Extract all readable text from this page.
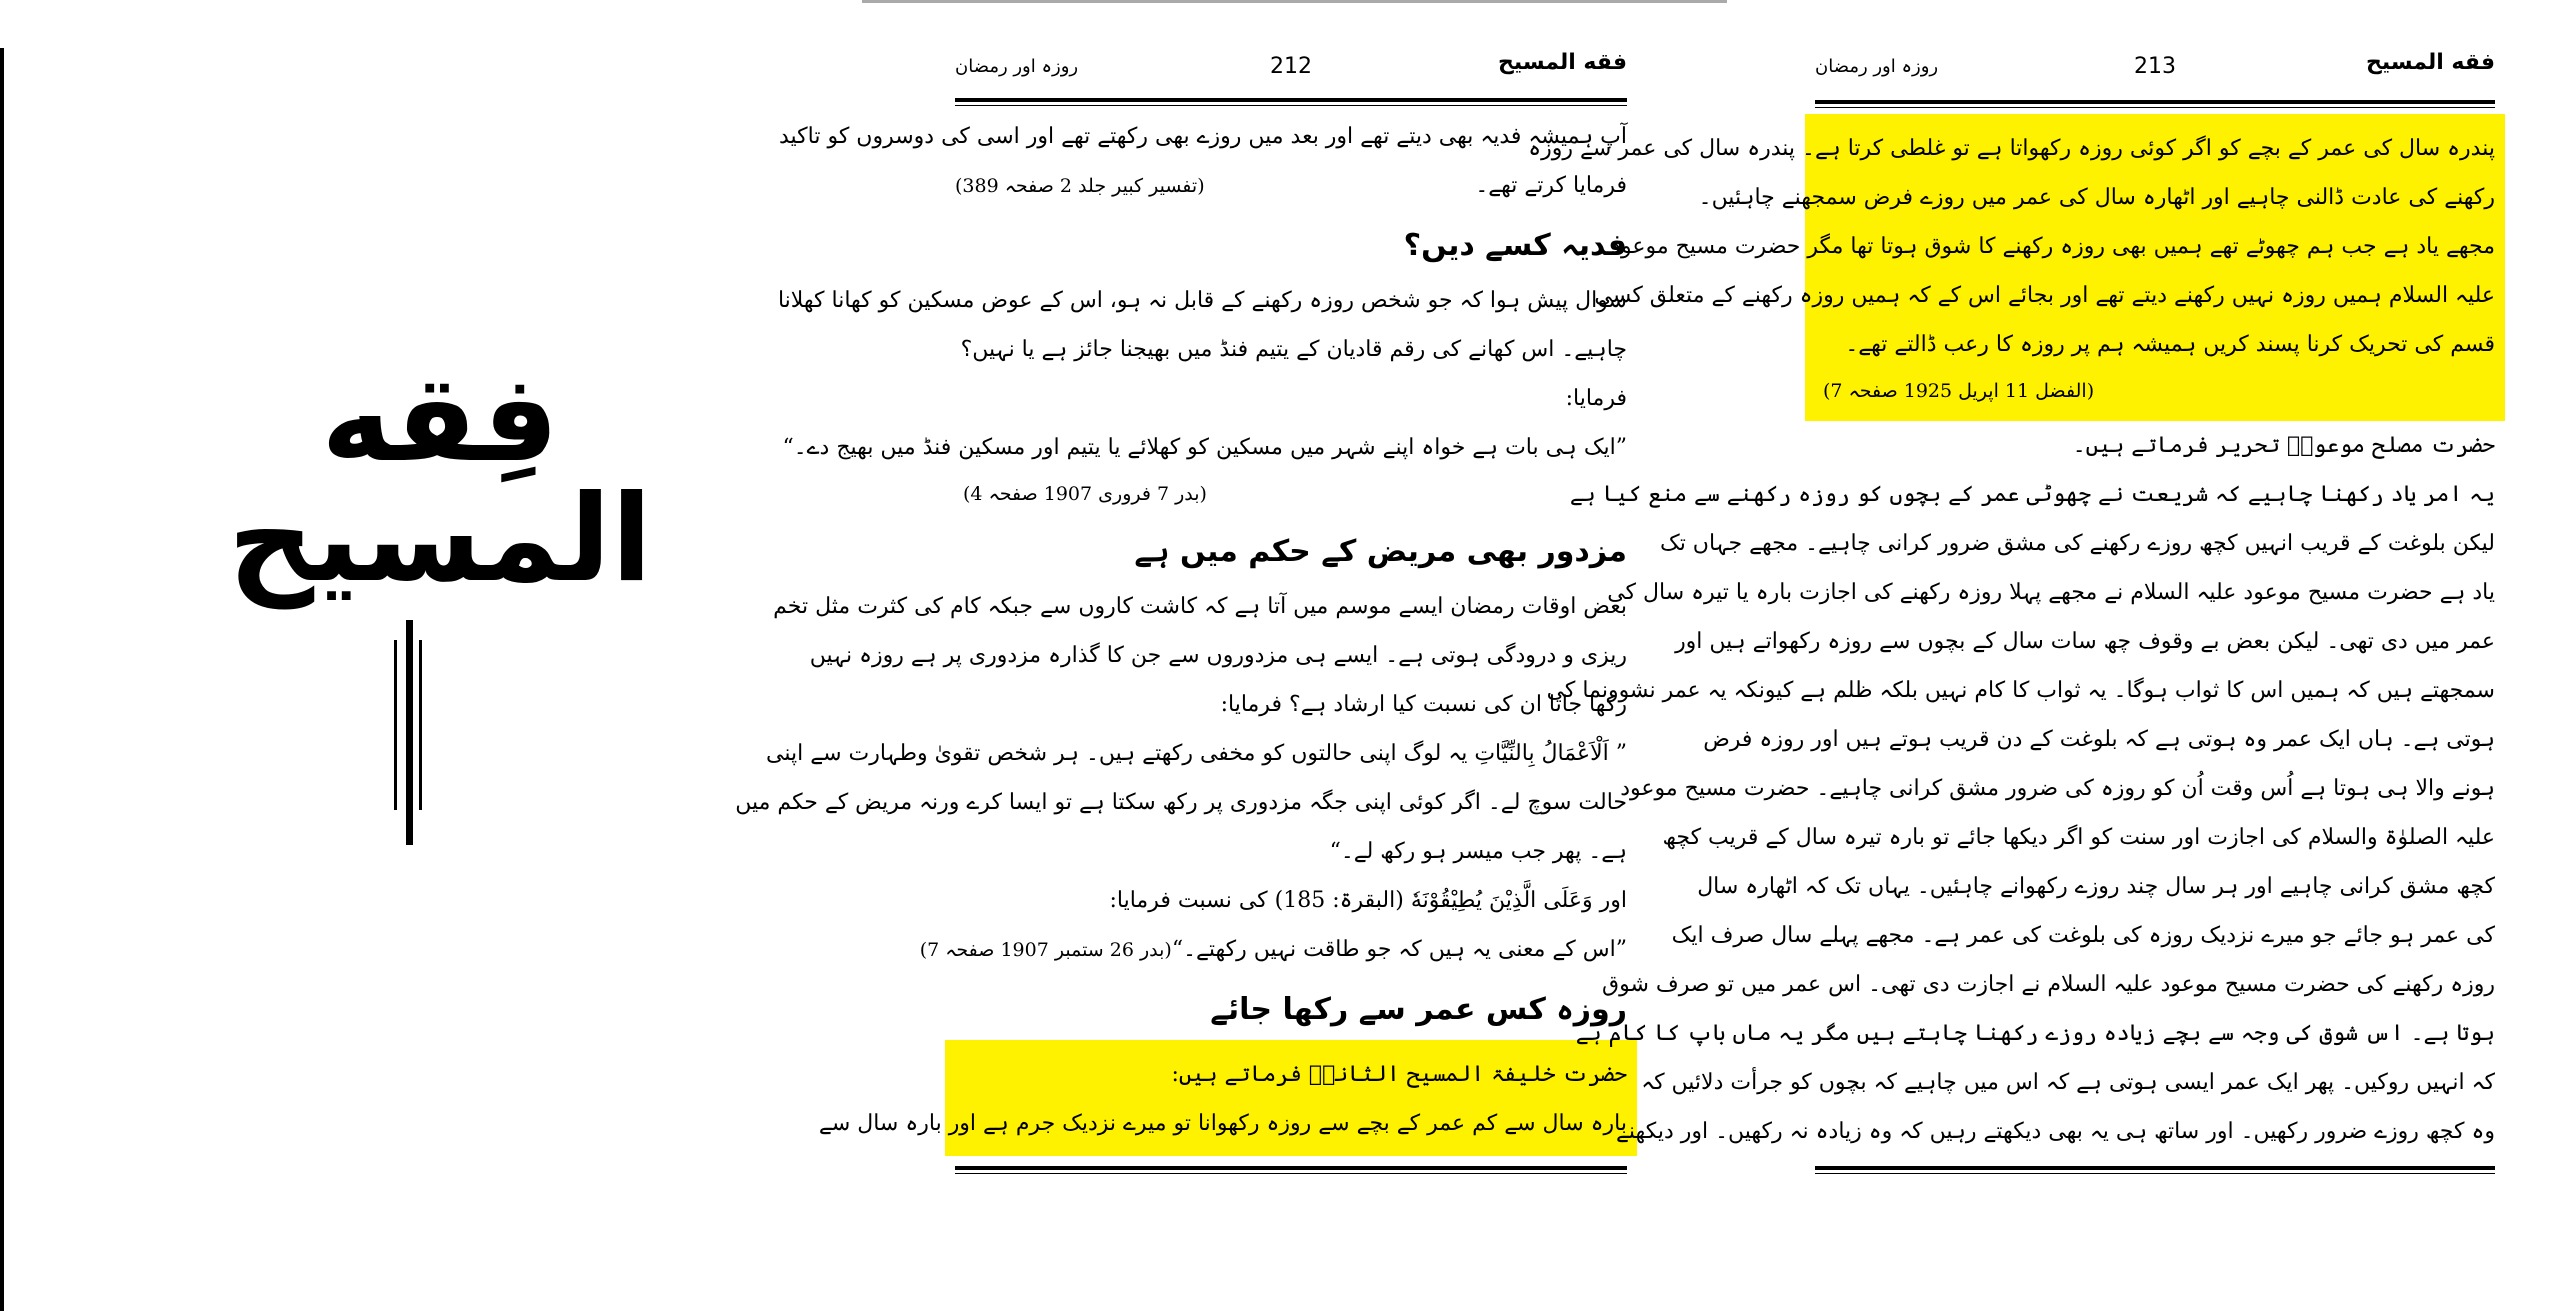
فِقه المسيح
فقه المسيح
212
روزہ اور رمضان

آپ ہمیشہ فدیہ بھی دیتے تھے اور بعد میں روزے بھی رکھتے تھے اور اسی کی دوسروں کو تاکید

فرمایا کرتے تھے۔

(تفسیر کبیر جلد 2 صفحہ 389)
فدیہ کسے دیں؟

سوال پیش ہوا کہ جو شخص روزہ رکھنے کے قابل نہ ہو، اس کے عوض مسکین کو کھانا کھلانا

چاہیے۔ اس کھانے کی رقم قادیان کے یتیم فنڈ میں بھیجنا جائز ہے یا نہیں؟

فرمایا:

”ایک ہی بات ہے خواہ اپنے شہر میں مسکین کو کھلائے یا یتیم اور مسکین فنڈ میں بھیج دے۔“

(بدر 7 فروری 1907 صفحہ 4)
مزدور بھی مریض کے حکم میں ہے

بعض اوقات رمضان ایسے موسم میں آتا ہے کہ کاشت کاروں سے جبکہ کام کی کثرت مثل تخم

ریزی و درودگی ہوتی ہے۔ ایسے ہی مزدوروں سے جن کا گذارہ مزدوری پر ہے روزہ نہیں

رکھا جاتا ان کی نسبت کیا ارشاد ہے؟ فرمایا:

” اَلْاَعْمَالُ بِالنِّیَّاتِ یہ لوگ اپنی حالتوں کو مخفی رکھتے ہیں۔ ہر شخص تقویٰ وطہارت سے اپنی

حالت سوچ لے۔ اگر کوئی اپنی جگہ مزدوری پر رکھ سکتا ہے تو ایسا کرے ورنہ مریض کے حکم میں

ہے۔ پھر جب میسر ہو رکھ لے۔“

اور وَعَلَی الَّذِیْنَ یُطِیْقُوْنَهٗ (البقرۃ: 185) کی نسبت فرمایا:

”اس کے معنی یہ ہیں کہ جو طاقت نہیں رکھتے۔“

(بدر 26 ستمبر 1907 صفحہ 7)
روزہ کس عمر سے رکھا جائے

حضرت خلیفۃ المسیح الثانیؓ فرماتے ہیں:

بارہ سال سے کم عمر کے بچے سے روزہ رکھوانا تو میرے نزدیک جرم ہے اور بارہ سال سے

فقه المسيح
213
روزہ اور رمضان

پندرہ سال کی عمر کے بچے کو اگر کوئی روزہ رکھواتا ہے تو غلطی کرتا ہے۔ پندرہ سال کی عمر سے روزہ

رکھنے کی عادت ڈالنی چاہیے اور اٹھارہ سال کی عمر میں روزے فرض سمجھنے چاہئیں۔

مجھے یاد ہے جب ہم چھوٹے تھے ہمیں بھی روزہ رکھنے کا شوق ہوتا تھا مگر حضرت مسیح موعود

علیہ السلام ہمیں روزہ نہیں رکھنے دیتے تھے اور بجائے اس کے کہ ہمیں روزہ رکھنے کے متعلق کسی

قسم کی تحریک کرنا پسند کریں ہمیشہ ہم پر روزہ کا رعب ڈالتے تھے۔

(الفضل 11 اپریل 1925 صفحہ 7)

حضرت مصلح موعودؓ تحریر فرماتے ہیں۔

یہ امر یاد رکھنا چاہیے کہ شریعت نے چھوٹی عمر کے بچوں کو روزہ رکھنے سے منع کیا ہے

لیکن بلوغت کے قریب انہیں کچھ روزے رکھنے کی مشق ضرور کرانی چاہیے۔ مجھے جہاں تک

یاد ہے حضرت مسیح موعود علیہ السلام نے مجھے پہلا روزہ رکھنے کی اجازت بارہ یا تیرہ سال کی

عمر میں دی تھی۔ لیکن بعض بے وقوف چھ سات سال کے بچوں سے روزہ رکھواتے ہیں اور

سمجھتے ہیں کہ ہمیں اس کا ثواب ہوگا۔ یہ ثواب کا کام نہیں بلکہ ظلم ہے کیونکہ یہ عمر نشوونما کی

ہوتی ہے۔ ہاں ایک عمر وہ ہوتی ہے کہ بلوغت کے دن قریب ہوتے ہیں اور روزہ فرض

ہونے والا ہی ہوتا ہے اُس وقت اُن کو روزہ کی ضرور مشق کرانی چاہیے۔ حضرت مسیح موعود

علیہ الصلوٰۃ والسلام کی اجازت اور سنت کو اگر دیکھا جائے تو بارہ تیرہ سال کے قریب کچھ

کچھ مشق کرانی چاہیے اور ہر سال چند روزے رکھوانے چاہئیں۔ یہاں تک کہ اٹھارہ سال

کی عمر ہو جائے جو میرے نزدیک روزہ کی بلوغت کی عمر ہے۔ مجھے پہلے سال صرف ایک

روزہ رکھنے کی حضرت مسیح موعود علیہ السلام نے اجازت دی تھی۔ اس عمر میں تو صرف شوق

ہوتا ہے۔ اس شوق کی وجہ سے بچے زیادہ روزے رکھنا چاہتے ہیں مگر یہ ماں باپ کا کام ہے

کہ انہیں روکیں۔ پھر ایک عمر ایسی ہوتی ہے کہ اس میں چاہیے کہ بچوں کو جرأت دلائیں کہ

وہ کچھ روزے ضرور رکھیں۔ اور ساتھ ہی یہ بھی دیکھتے رہیں کہ وہ زیادہ نہ رکھیں۔ اور دیکھنے
